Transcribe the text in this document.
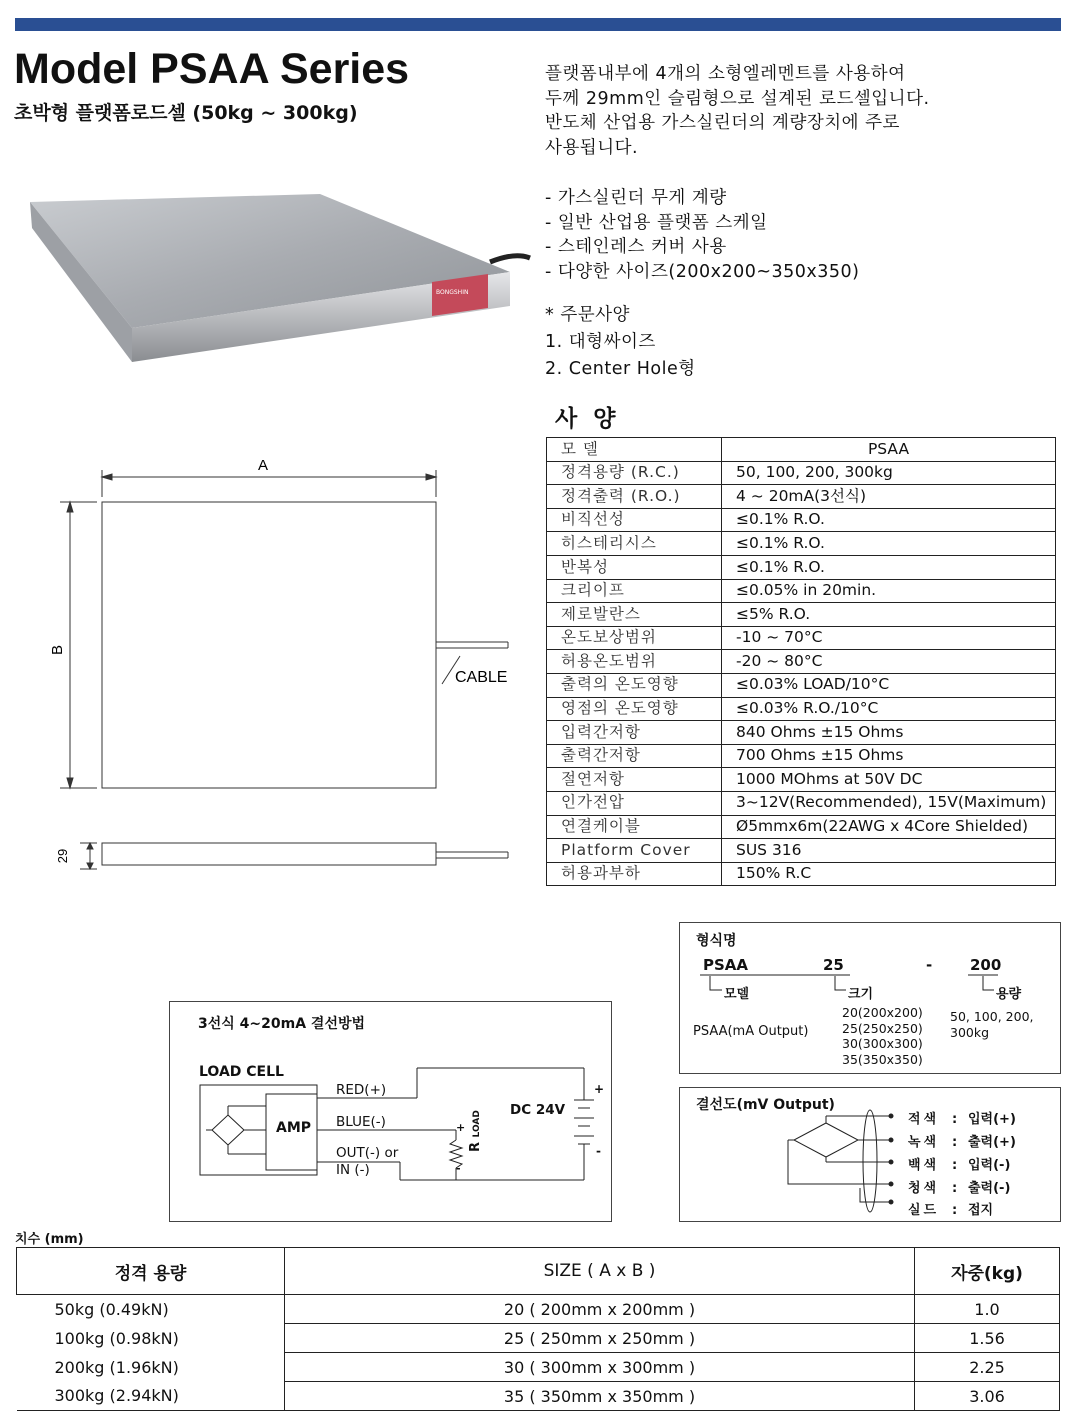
Model PSAA Series
초박형 플랫폼로드셀 (50kg ~ 300kg)
BONGSHIN

플랫폼내부에 4개의 소형엘레멘트를 사용하여

두께 29mm인 슬림형으로 설계된 로드셀입니다.

반도체 산업용 가스실린더의 계량장치에 주로

사용됩니다.

- 가스실린더 무게 계량
- 일반 산업용 플랫폼 스케일
- 스테인레스 커버 사용
- 다양한 사이즈(200x200~350x350)
* 주문사양
1. 대형싸이즈
2. Center Hole형
A
B
CABLE
29
사 양
모 델	PSAA
정격용량 (R.C.)	50, 100, 200, 300kg
정격출력 (R.O.)	4 ~ 20mA(3선식)
비직선성	≤0.1% R.O.
히스테리시스	≤0.1% R.O.
반복성	≤0.1% R.O.
크리이프	≤0.05% in 20min.
제로발란스	≤5% R.O.
온도보상범위	-10 ~ 70°C
허용온도범위	-20 ~ 80°C
출력의 온도영향	≤0.03% LOAD/10°C
영점의 온도영향	≤0.03% R.O./10°C
입력간저항	840 Ohms ±15 Ohms
출력간저항	700 Ohms ±15 Ohms
절연저항	1000 MOhms at 50V DC
인가전압	3~12V(Recommended), 15V(Maximum)
연결케이블	Ø5mmx6m(22AWG x 4Core Shielded)
Platform Cover	SUS 316
허용과부하	150% R.C
3선식 4~20mA 결선방법
LOAD CELL
AMP
RED(+)
BLUE(-)
OUT(-) or
IN (-)
DC 24V
+
-
+
-
R LOAD
형식명
PSAA	25	-	200
모델	크기	용량
PSAA(mA Output)
20(200x200)
25(250x250)
30(300x300)
35(350x350)
50, 100, 200,
300kg
결선도(mV Output)
적색 : 입력(+)
녹색 : 출력(+)
백색 : 입력(-)
청색 : 출력(-)
실드 : 접지
치수 (mm)
정격 용량	SIZE ( A x B )	자중(kg)
50kg (0.49kN)	20 ( 200mm x 200mm )	1.0
100kg (0.98kN)	25 ( 250mm x 250mm )	1.56
200kg (1.96kN)	30 ( 300mm x 300mm )	2.25
300kg (2.94kN)	35 ( 350mm x 350mm )	3.06
